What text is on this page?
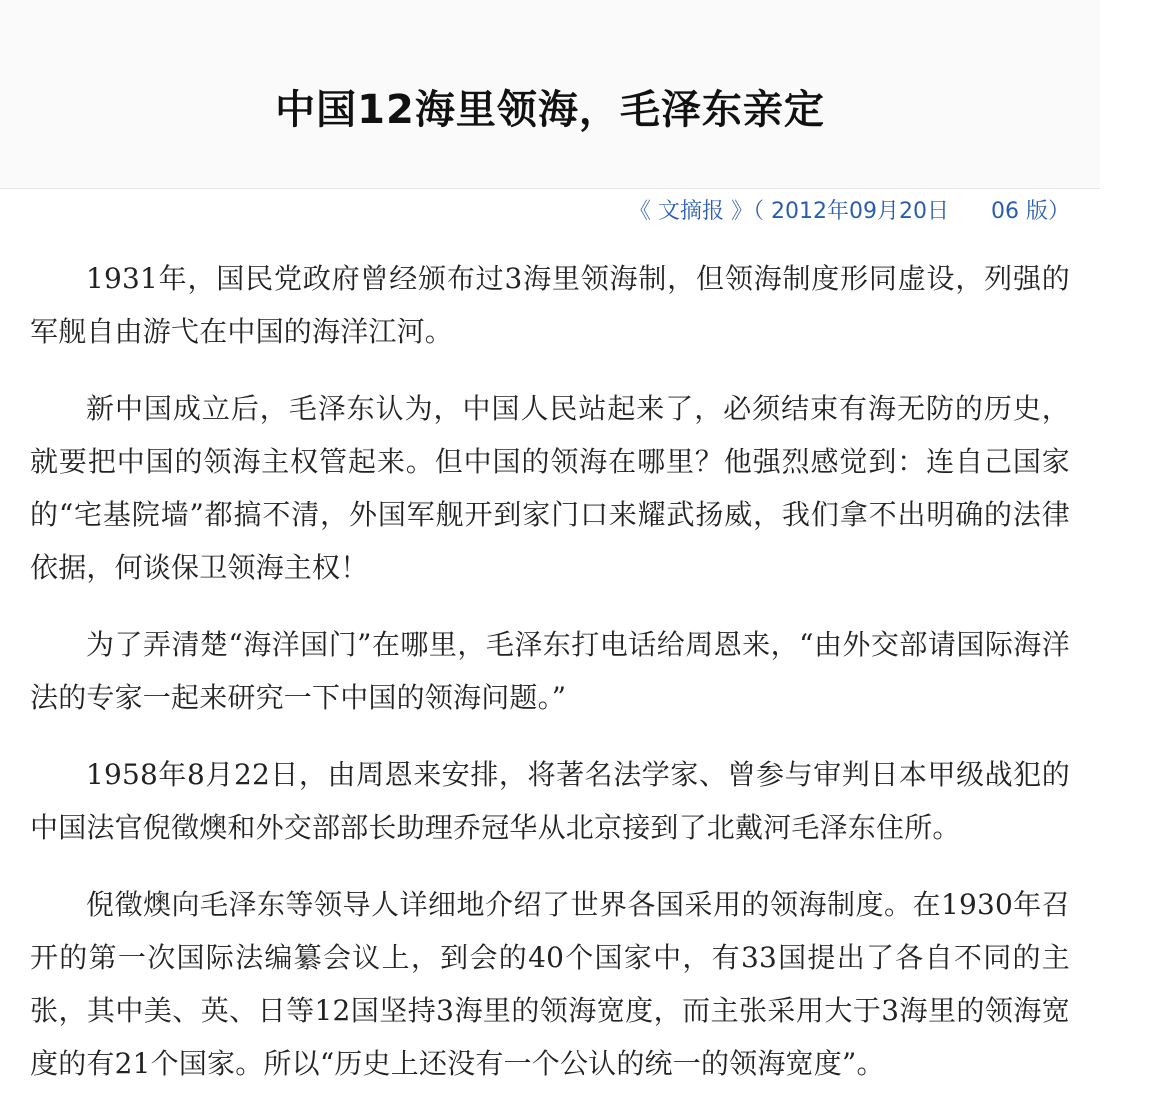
中国12海里领海，毛泽东亲定
《 文摘报 》（ 2012年09月20日 06 版）

1931年，国民党政府曾经颁布过3海里领海制，但领海制度形同虚设，列强的军舰自由游弋在中国的海洋江河。

新中国成立后，毛泽东认为，中国人民站起来了，必须结束有海无防的历史，就要把中国的领海主权管起来。但中国的领海在哪里？他强烈感觉到：连自己国家的“宅基院墙”都搞不清，外国军舰开到家门口来耀武扬威，我们拿不出明确的法律依据，何谈保卫领海主权！

为了弄清楚“海洋国门”在哪里，毛泽东打电话给周恩来，“由外交部请国际海洋法的专家一起来研究一下中国的领海问题。”

1958年8月22日，由周恩来安排，将著名法学家、曾参与审判日本甲级战犯的中国法官倪徵燠和外交部部长助理乔冠华从北京接到了北戴河毛泽东住所。

倪徵燠向毛泽东等领导人详细地介绍了世界各国采用的领海制度。在1930年召开的第一次国际法编纂会议上，到会的40个国家中，有33国提出了各自不同的主张，其中美、英、日等12国坚持3海里的领海宽度，而主张采用大于3海里的领海宽度的有21个国家。所以“历史上还没有一个公认的统一的领海宽度”。
